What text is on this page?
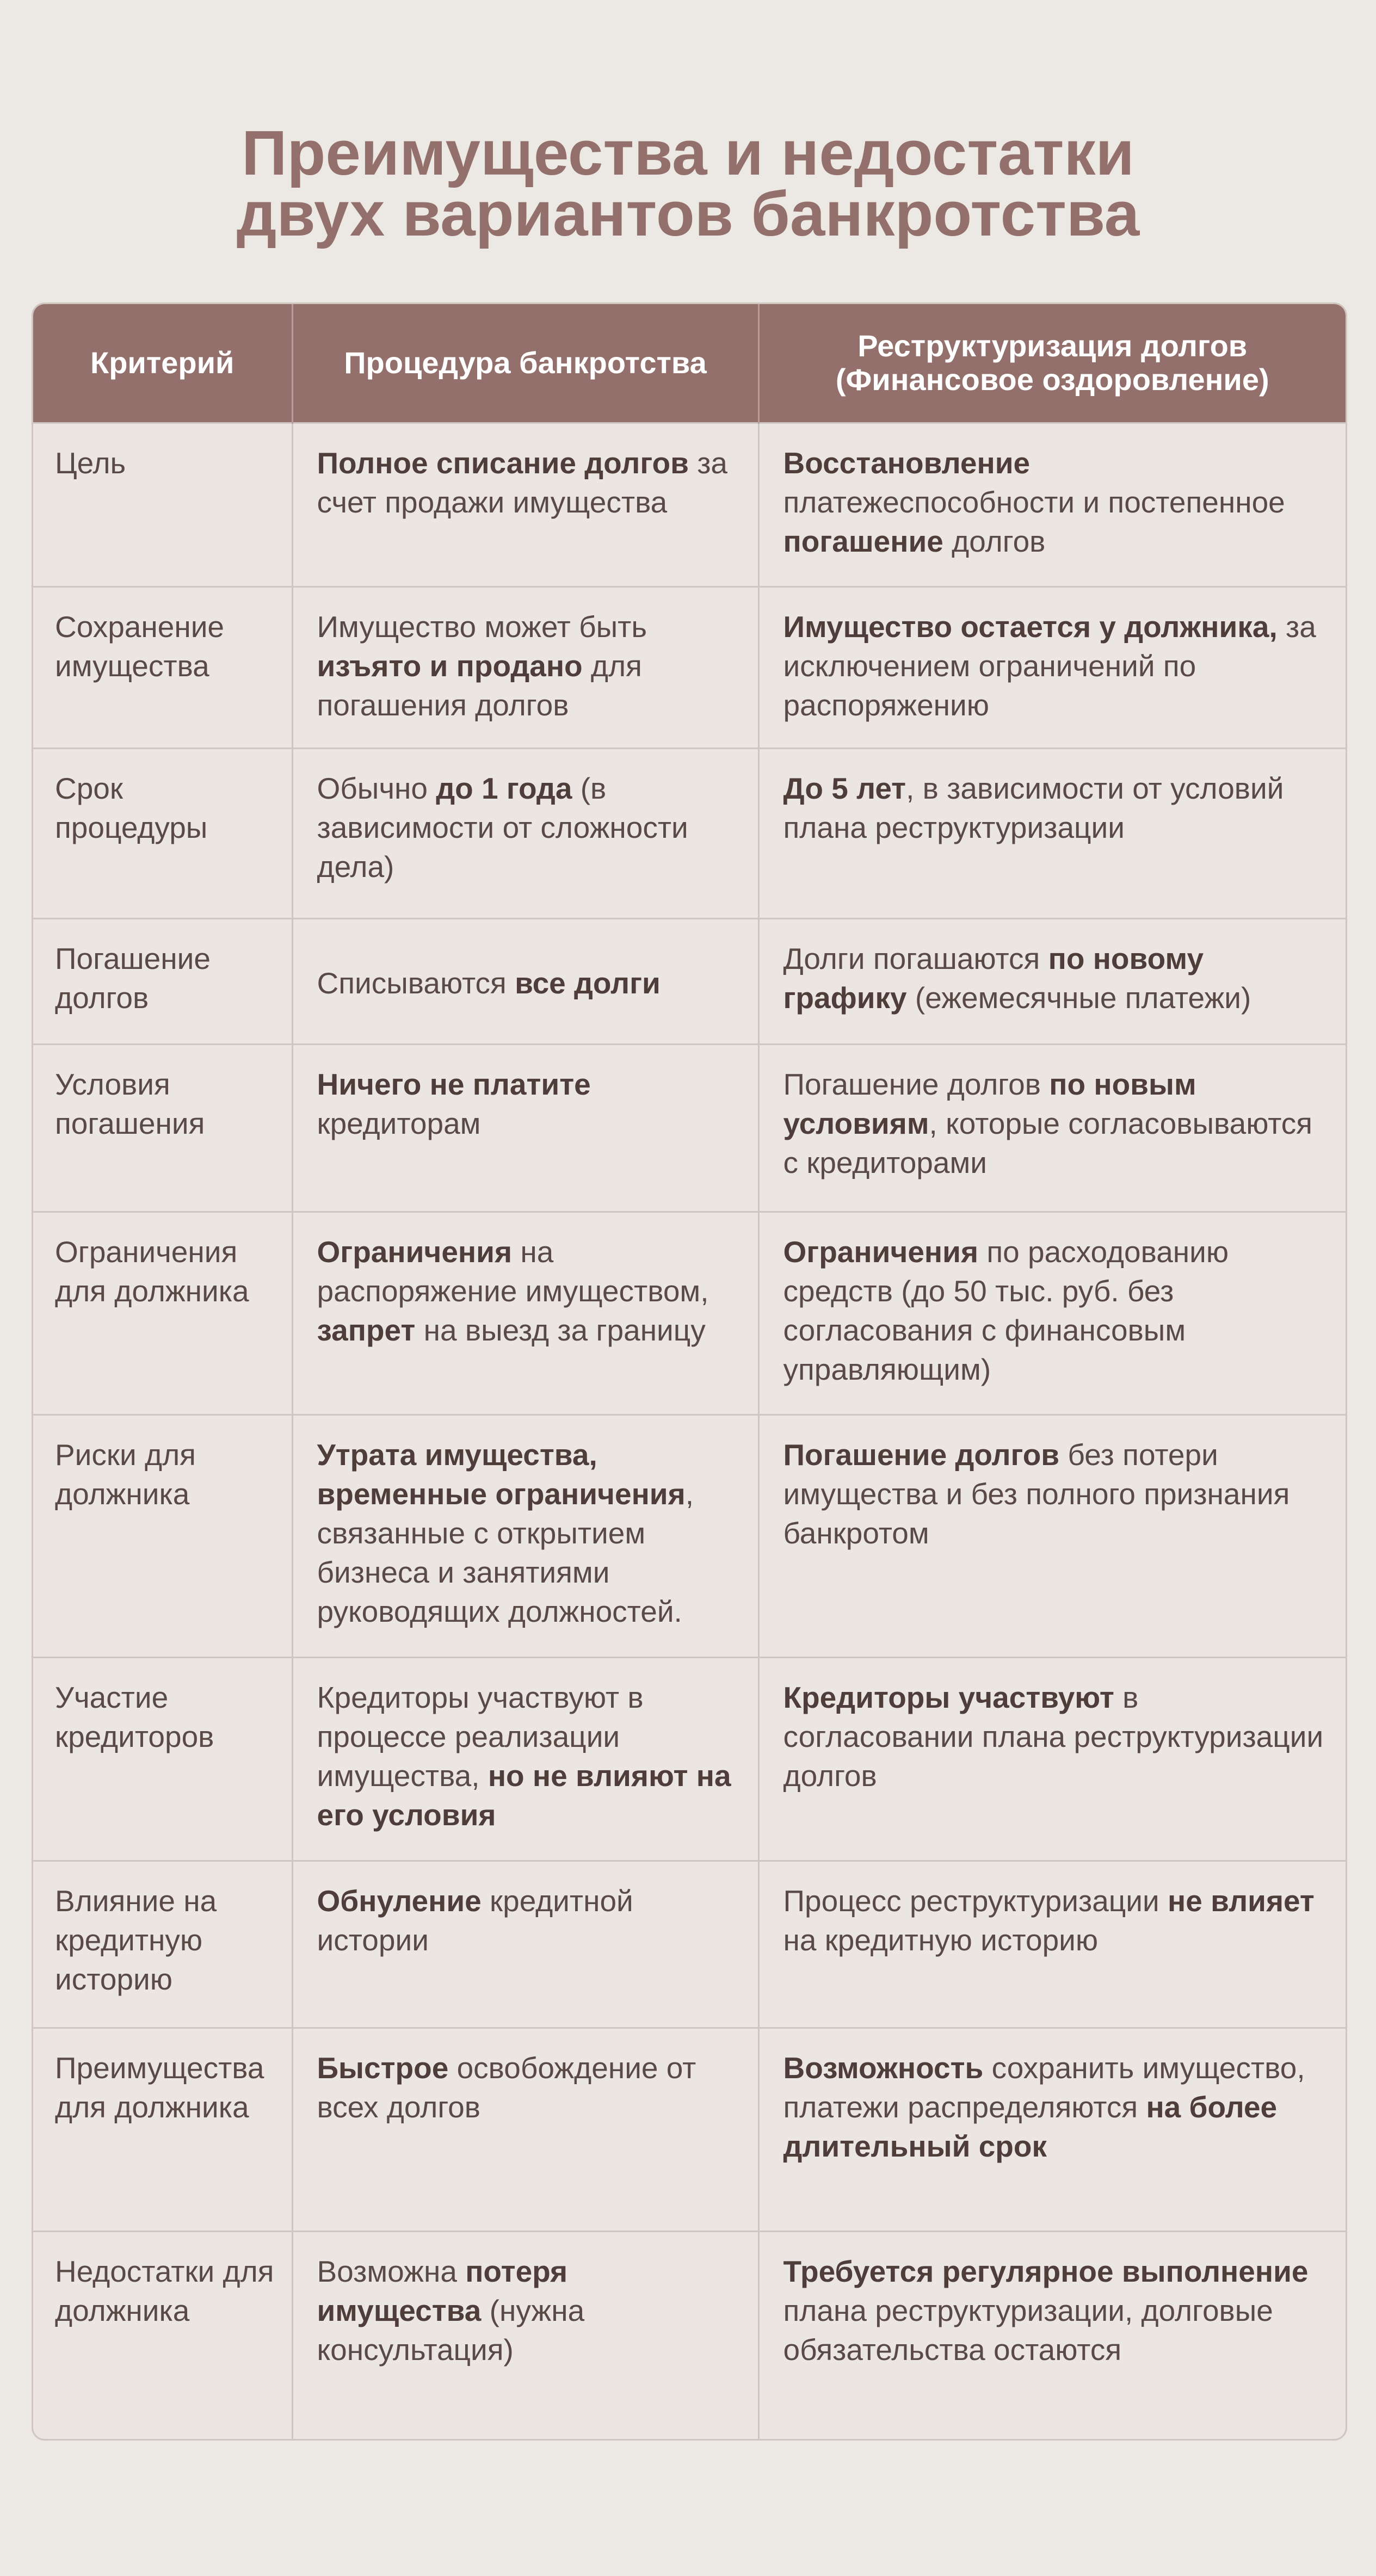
Преимущества и недостатки
двух вариантов банкротства
Критерий	Процедура банкротства	Реструктуризация долгов (Финансовое оздоровление)
Цель	Полное списание долгов за счет продажи имущества	Восстановление платежеспособности и постепенное погашение долгов
Сохранение имущества	Имущество может быть изъято и продано для погашения долгов	Имущество остается у должника, за исключением ограничений по распоряжению
Срок процедуры	Обычно до 1 года (в зависимости от сложности дела)	До 5 лет, в зависимости от условий плана реструктуризации
Погашение долгов	Списываются все долги	Долги погашаются по новому графику (ежемесячные платежи)
Условия погашения	Ничего не платите кредиторам	Погашение долгов по новым условиям, которые согласовываются с кредиторами
Ограничения для должника	Ограничения на распоряжение имуществом, запрет на выезд за границу	Ограничения по расходованию средств (до 50 тыс. руб. без согласования с финансовым управляющим)
Риски для должника	Утрата имущества, временные ограничения, связанные с открытием бизнеса и занятиями руководящих должностей.	Погашение долгов без потери имущества и без полного признания банкротом
Участие кредиторов	Кредиторы участвуют в процессе реализации имущества, но не влияют на его условия	Кредиторы участвуют в согласовании плана реструктуризации долгов
Влияние на кредитную историю	Обнуление кредитной истории	Процесс реструктуризации не влияет на кредитную историю
Преимущества для должника	Быстрое освобождение от всех долгов	Возможность сохранить имущество, платежи распределяются на более длительный срок
Недостатки для должника	Возможна потеря имущества (нужна консультация)	Требуется регулярное выполнение плана реструктуризации, долговые обязательства остаются
